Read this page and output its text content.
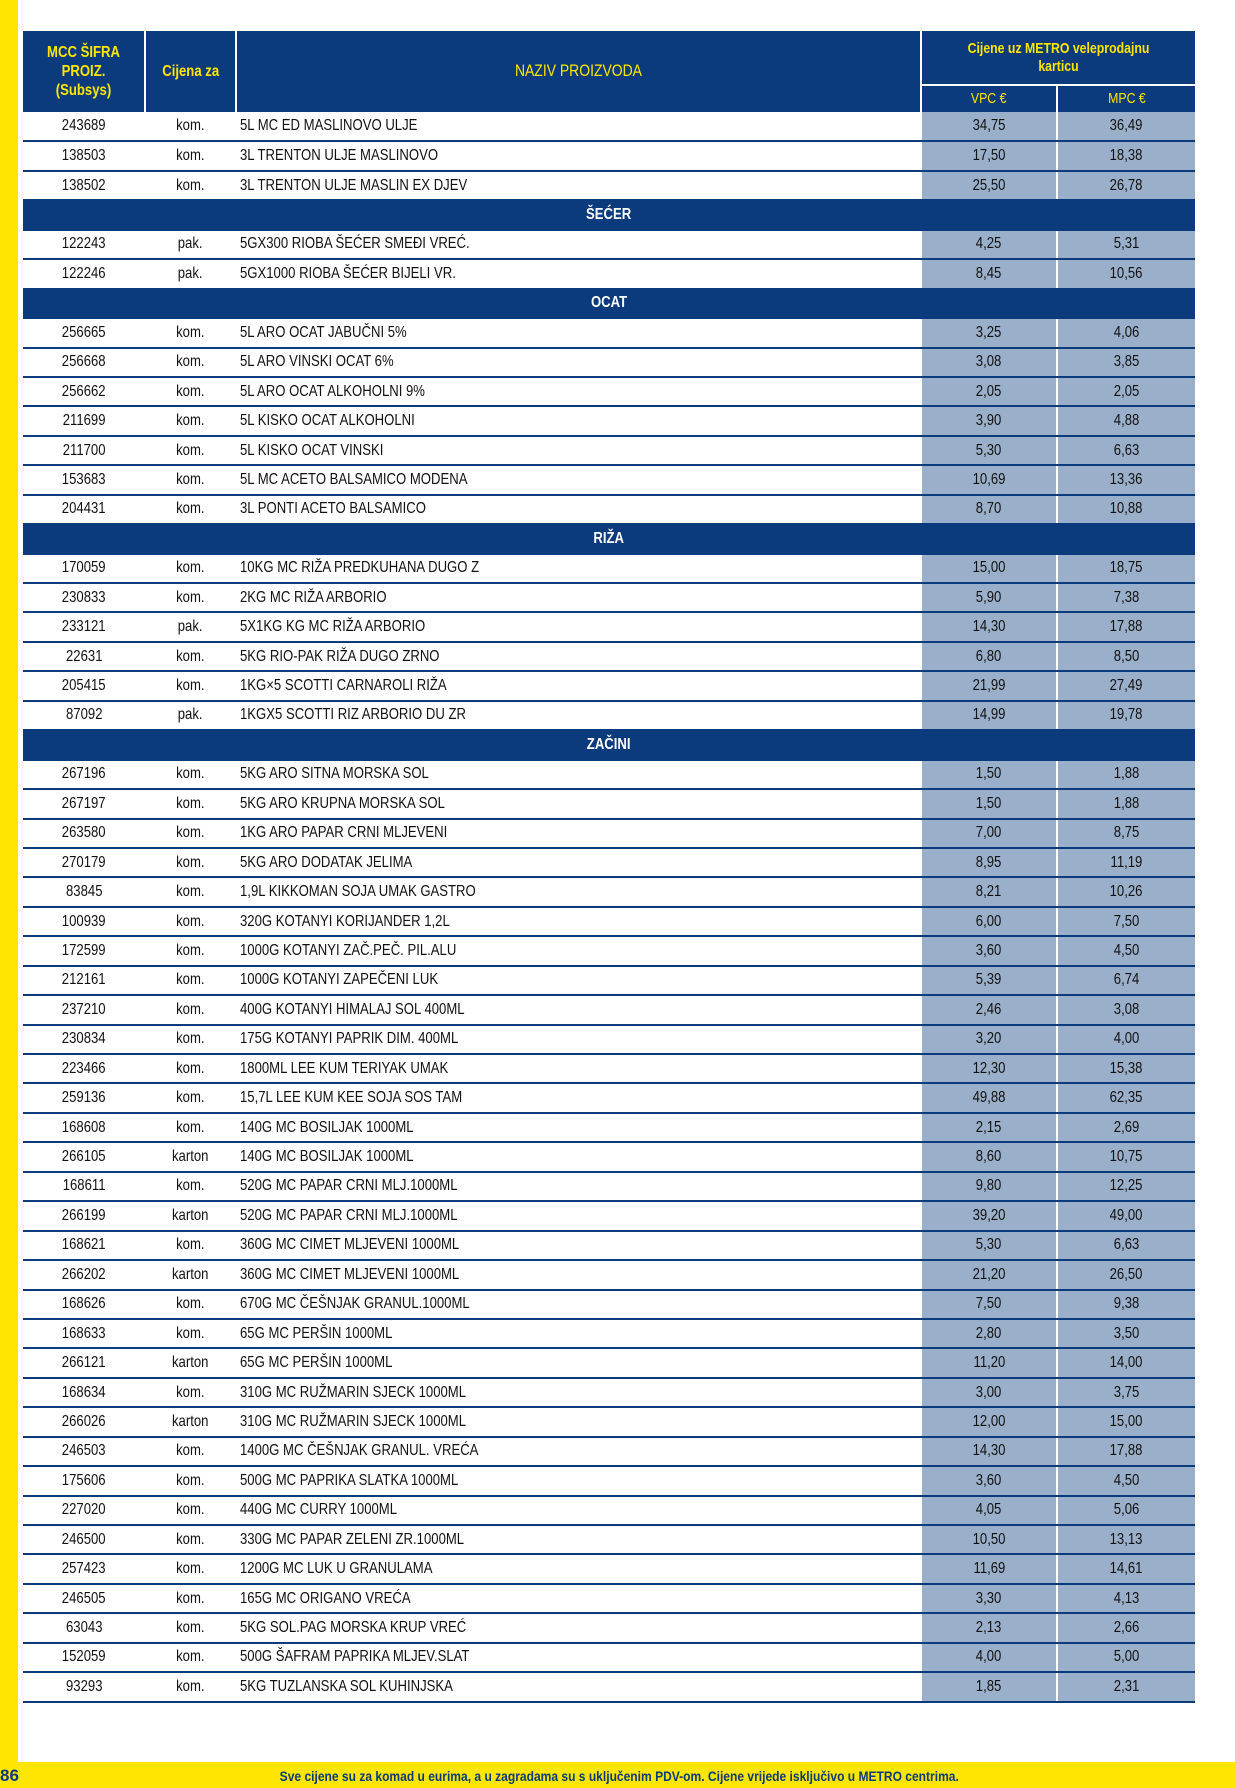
MCC ŠIFRA PROIZ. (Subsys)	Cijena za	NAZIV PROIZVODA	Cijene uz METRO veleprodajnu karticu	
			VPC €	MPC €
243689	kom.	5L MC ED MASLINOVO ULJE	34,75	36,49
138503	kom.	3L TRENTON ULJE MASLINOVO	17,50	18,38
138502	kom.	3L TRENTON ULJE MASLIN EX DJEV	25,50	26,78
ŠEĆER				
122243	pak.	5GX300 RIOBA ŠEĆER SMEĐI VREĆ.	4,25	5,31
122246	pak.	5GX1000 RIOBA ŠEĆER BIJELI VR.	8,45	10,56
OCAT				
256665	kom.	5L ARO OCAT JABUČNI 5%	3,25	4,06
256668	kom.	5L ARO VINSKI OCAT 6%	3,08	3,85
256662	kom.	5L ARO OCAT ALKOHOLNI 9%	2,05	2,05
211699	kom.	5L KISKO OCAT ALKOHOLNI	3,90	4,88
211700	kom.	5L KISKO OCAT VINSKI	5,30	6,63
153683	kom.	5L MC ACETO BALSAMICO MODENA	10,69	13,36
204431	kom.	3L PONTI ACETO BALSAMICO	8,70	10,88
RIŽA				
170059	kom.	10KG MC RIŽA PREDKUHANA DUGO Z	15,00	18,75
230833	kom.	2KG MC RIŽA ARBORIO	5,90	7,38
233121	pak.	5X1KG KG MC RIŽA ARBORIO	14,30	17,88
22631	kom.	5KG RIO-PAK RIŽA DUGO ZRNO	6,80	8,50
205415	kom.	1KG×5 SCOTTI CARNAROLI RIŽA	21,99	27,49
87092	pak.	1KGX5 SCOTTI RIZ ARBORIO DU ZR	14,99	19,78
ZAČINI				
267196	kom.	5KG ARO SITNA MORSKA SOL	1,50	1,88
267197	kom.	5KG ARO KRUPNA MORSKA SOL	1,50	1,88
263580	kom.	1KG ARO PAPAR CRNI MLJEVENI	7,00	8,75
270179	kom.	5KG ARO DODATAK JELIMA	8,95	11,19
83845	kom.	1,9L KIKKOMAN SOJA UMAK GASTRO	8,21	10,26
100939	kom.	320G KOTANYI KORIJANDER 1,2L	6,00	7,50
172599	kom.	1000G KOTANYI ZAČ.PEČ. PIL.ALU	3,60	4,50
212161	kom.	1000G KOTANYI ZAPEČENI LUK	5,39	6,74
237210	kom.	400G KOTANYI HIMALAJ SOL 400ML	2,46	3,08
230834	kom.	175G KOTANYI PAPRIK DIM. 400ML	3,20	4,00
223466	kom.	1800ML LEE KUM TERIYAK UMAK	12,30	15,38
259136	kom.	15,7L LEE KUM KEE SOJA SOS TAM	49,88	62,35
168608	kom.	140G MC BOSILJAK 1000ML	2,15	2,69
266105	karton	140G MC BOSILJAK 1000ML	8,60	10,75
168611	kom.	520G MC PAPAR CRNI MLJ.1000ML	9,80	12,25
266199	karton	520G MC PAPAR CRNI MLJ.1000ML	39,20	49,00
168621	kom.	360G MC CIMET MLJEVENI 1000ML	5,30	6,63
266202	karton	360G MC CIMET MLJEVENI 1000ML	21,20	26,50
168626	kom.	670G MC ČEŠNJAK GRANUL.1000ML	7,50	9,38
168633	kom.	65G MC PERŠIN 1000ML	2,80	3,50
266121	karton	65G MC PERŠIN 1000ML	11,20	14,00
168634	kom.	310G MC RUŽMARIN SJECK 1000ML	3,00	3,75
266026	karton	310G MC RUŽMARIN SJECK 1000ML	12,00	15,00
246503	kom.	1400G MC ČEŠNJAK GRANUL. VREĆA	14,30	17,88
175606	kom.	500G MC PAPRIKA SLATKA 1000ML	3,60	4,50
227020	kom.	440G MC CURRY 1000ML	4,05	5,06
246500	kom.	330G MC PAPAR ZELENI ZR.1000ML	10,50	13,13
257423	kom.	1200G MC LUK U GRANULAMA	11,69	14,61
246505	kom.	165G MC ORIGANO VREĆA	3,30	4,13
63043	kom.	5KG SOL.PAG MORSKA KRUP VREĆ	2,13	2,66
152059	kom.	500G ŠAFRAM PAPRIKA MLJEV.SLAT	4,00	5,00
93293	kom.	5KG TUZLANSKA SOL KUHINJSKA	1,85	2,31
86	Sve cijene su za komad u eurima, a u zagradama su s uključenim PDV-om. Cijene vrijede isključivo u METRO centrima.
